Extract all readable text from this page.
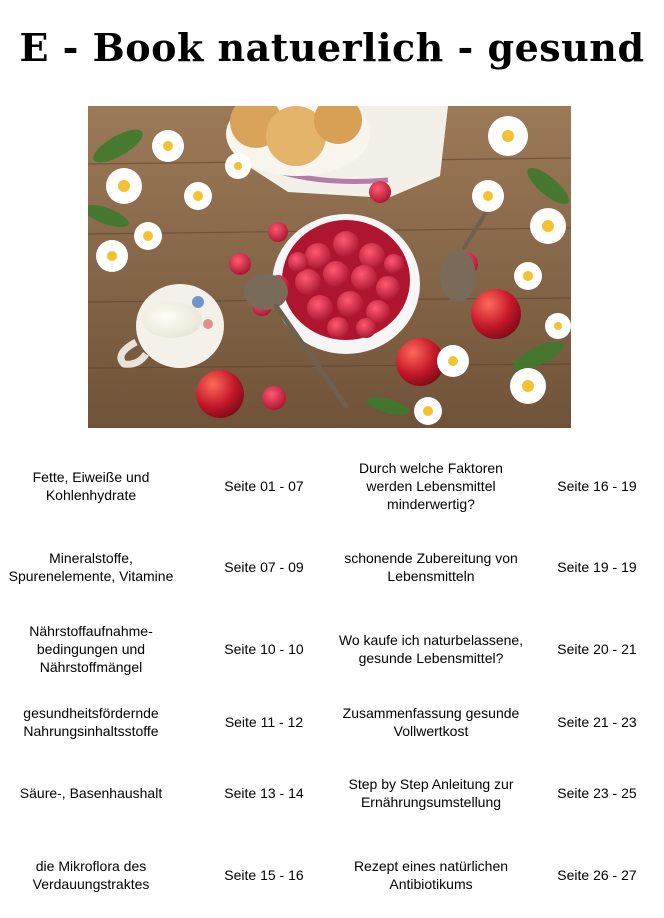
E - Book natuerlich - gesund
Fette, Eiweiße und Kohlenhydrate
Seite 01 - 07
Durch welche Faktoren werden Lebensmittel minderwertig?
Seite 16 - 19
Mineralstoffe, Spurenelemente, Vitamine
Seite 07 - 09
schonende Zubereitung von Lebensmitteln
Seite 19 - 19
Nährstoffaufnahme-bedingungen und Nährstoffmängel
Seite 10 - 10
Wo kaufe ich naturbelassene, gesunde Lebensmittel?
Seite 20 - 21
gesundheitsfördernde Nahrungsinhaltsstoffe
Seite 11 - 12
Zusammenfassung gesunde Vollwertkost
Seite 21 - 23
Säure-, Basenhaushalt	Seite 13 - 14
Step by Step Anleitung zur Ernährungsumstellung
Seite 23 - 25
die Mikroflora des Verdauungstraktes
Seite 15 - 16
Rezept eines natürlichen Antibiotikums
Seite 26 - 27
